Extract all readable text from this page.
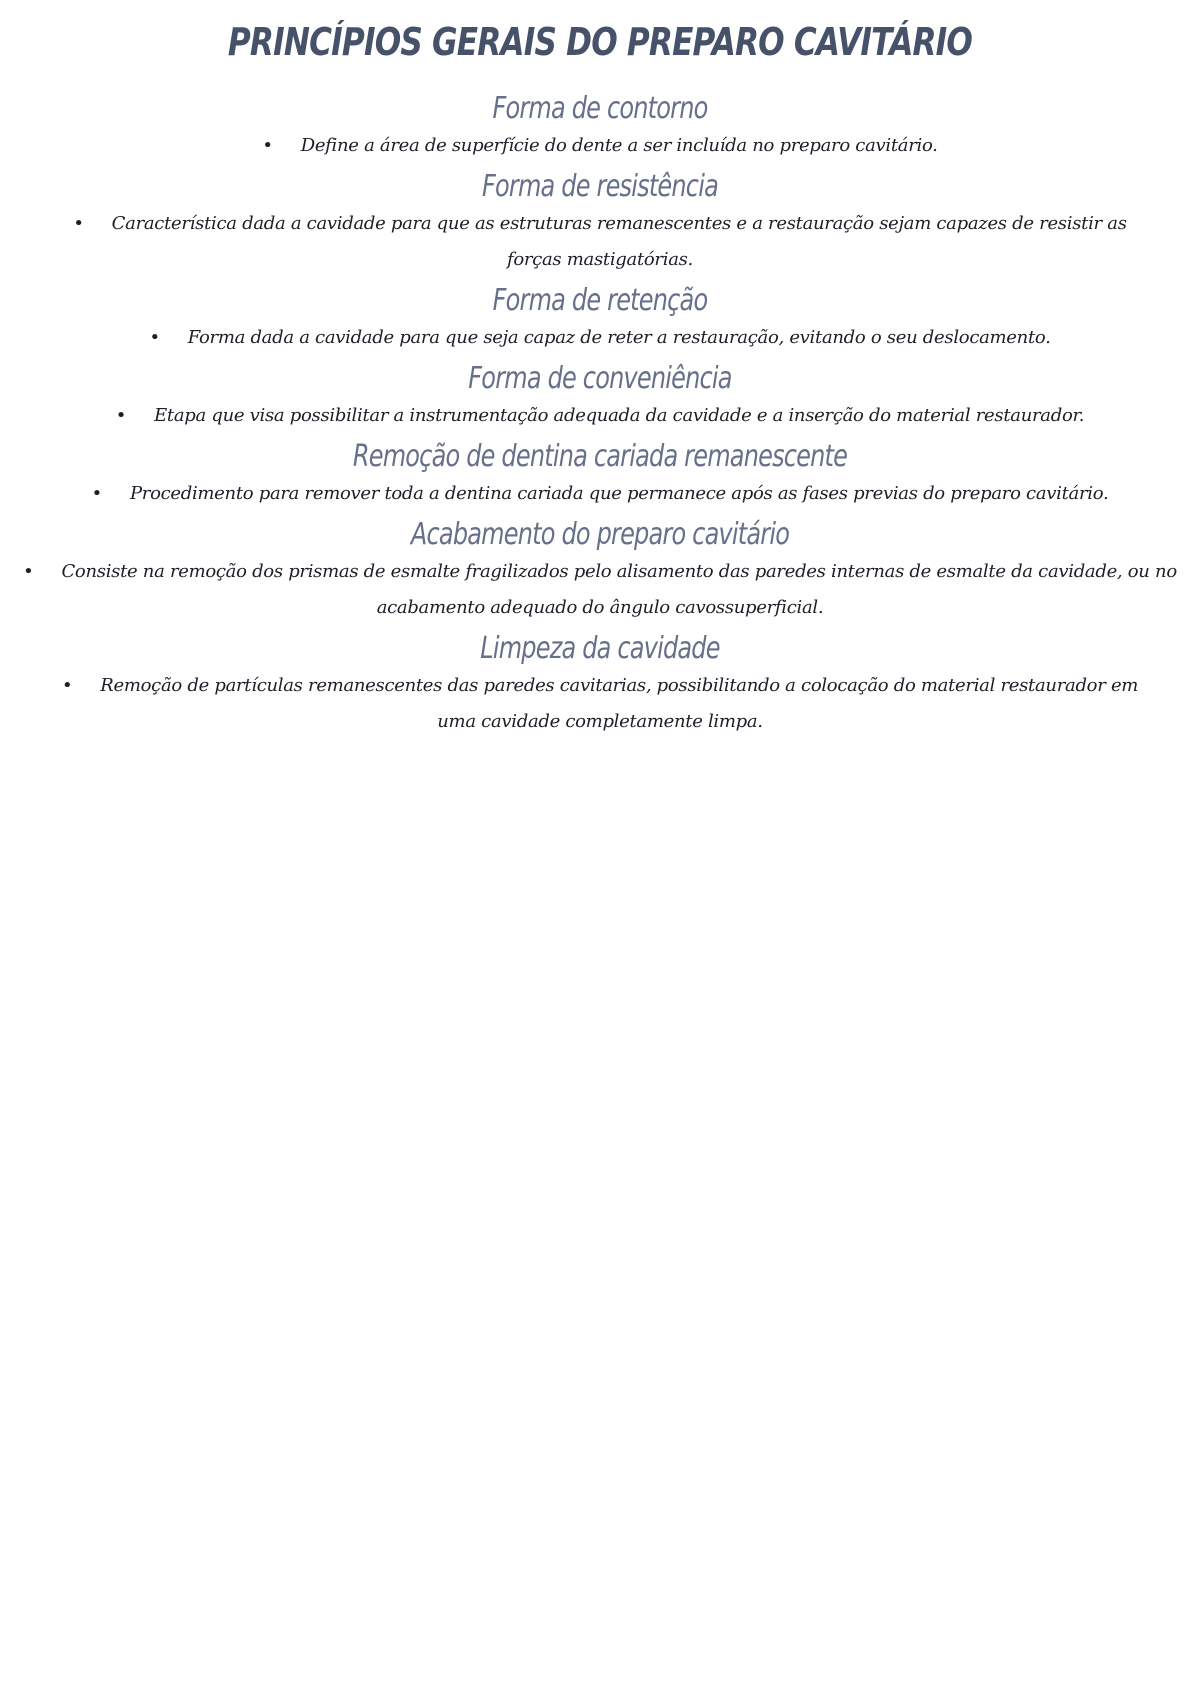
PRINCÍPIOS GERAIS DO PREPARO CAVITÁRIO
Forma de contorno
• Define a área de superfície do dente a ser incluída no preparo cavitário.
Forma de resistência
• Característica dada a cavidade para que as estruturas remanescentes e a restauração sejam capazes de resistir as forças mastigatórias.
Forma de retenção
• Forma dada a cavidade para que seja capaz de reter a restauração, evitando o seu deslocamento.
Forma de conveniência
• Etapa que visa possibilitar a instrumentação adequada da cavidade e a inserção do material restaurador.
Remoção de dentina cariada remanescente
• Procedimento para remover toda a dentina cariada que permanece após as fases previas do preparo cavitário.
Acabamento do preparo cavitário
• Consiste na remoção dos prismas de esmalte fragilizados pelo alisamento das paredes internas de esmalte da cavidade, ou no acabamento adequado do ângulo cavossuperficial.
Limpeza da cavidade
• Remoção de partículas remanescentes das paredes cavitarias, possibilitando a colocação do material restaurador em uma cavidade completamente limpa.
